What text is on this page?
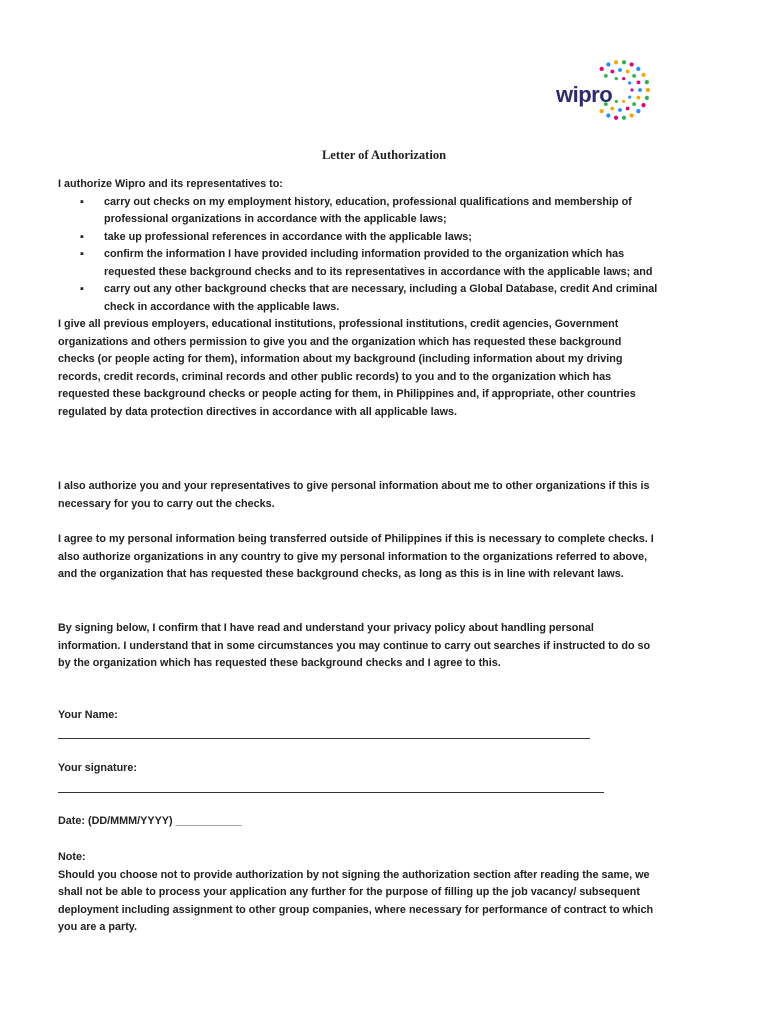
wipro
Letter of Authorization

I authorize Wipro and its representatives to:

▪ carry out checks on my employment history, education, professional qualifications and membership of professional organizations in accordance with the applicable laws;
▪ take up professional references in accordance with the applicable laws;
▪ confirm the information I have provided including information provided to the organization which has requested these background checks and to its representatives in accordance with the applicable laws; and
▪ carry out any other background checks that are necessary, including a Global Database, credit And criminal check in accordance with the applicable laws.

I give all previous employers, educational institutions, professional institutions, credit agencies, Government organizations and others permission to give you and the organization which has requested these background checks (or people acting for them), information about my background (including information about my driving records, credit records, criminal records and other public records) to you and to the organization which has requested these background checks or people acting for them, in Philippines and, if appropriate, other countries regulated by data protection directives in accordance with all applicable laws.

I also authorize you and your representatives to give personal information about me to other organizations if this is necessary for you to carry out the checks.

I agree to my personal information being transferred outside of Philippines if this is necessary to complete checks. I also authorize organizations in any country to give my personal information to the organizations referred to above, and the organization that has requested these background checks, as long as this is in line with relevant laws.

By signing below, I confirm that I have read and understand your privacy policy about handling personal information. I understand that in some circumstances you may continue to carry out searches if instructed to do so by the organization which has requested these background checks and I agree to this.

Your Name:
Your signature:
Date: (DD/MMM/YYYY) ___________

Note:

Should you choose not to provide authorization by not signing the authorization section after reading the same, we shall not be able to process your application any further for the purpose of filling up the job vacancy/ subsequent deployment including assignment to other group companies, where necessary for performance of contract to which you are a party.
